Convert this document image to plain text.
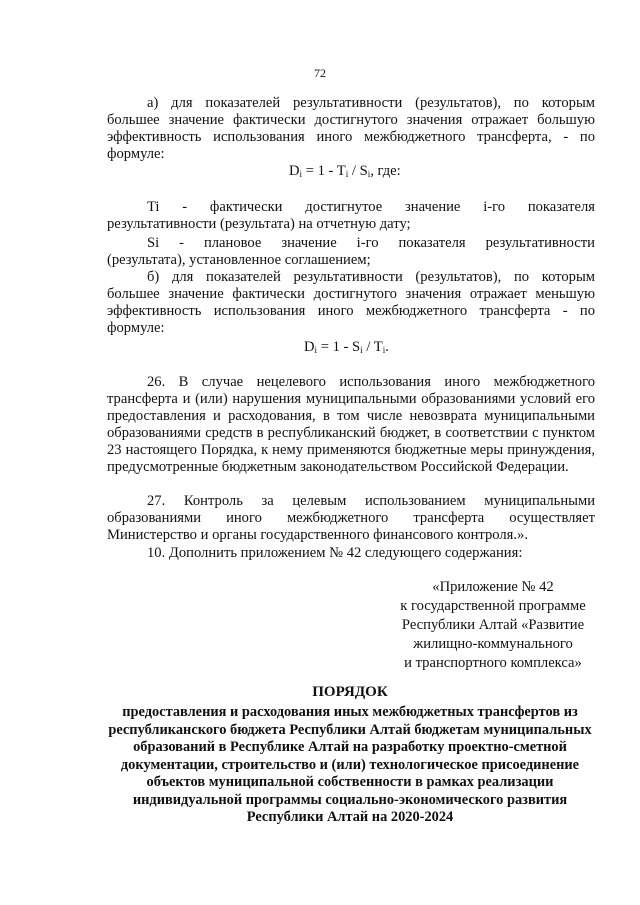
72

а) для показателей результативности (результатов), по которым большее значение фактически достигнутого значения отражает большую эффективность использования иного межбюджетного трансферта, - по формуле:

$D_i = 1 - T_i / S_i$, где:
Ti - фактически достигнутое значение i-го показателя
результативности (результата) на отчетную дату;
Si - плановое значение i-го показателя результативности
(результата), установленное соглашением;

б) для показателей результативности (результатов), по которым большее значение фактически достигнутого значения отражает меньшую эффективность использования иного межбюджетного трансферта - по формуле:

$D_i = 1 - S_i / T_i$.

26. В случае нецелевого использования иного межбюджетного трансферта и (или) нарушения муниципальными образованиями условий его предоставления и расходования, в том числе невозврата муниципальными образованиями средств в республиканский бюджет, в соответствии с пунктом 23 настоящего Порядка, к нему применяются бюджетные меры принуждения, предусмотренные бюджетным законодательством Российской Федерации.

27. Контроль за целевым использованием муниципальными образованиями иного межбюджетного трансферта осуществляет Министерство и органы государственного финансового контроля.».

10. Дополнить приложением № 42 следующего содержания:

«Приложение № 42
к государственной программе
Республики Алтай «Развитие
жилищно-коммунального
и транспортного комплекса»
ПОРЯДОК
предоставления и расходования иных межбюджетных трансфертов из республиканского бюджета Республики Алтай бюджетам муниципальных образований в Республике Алтай на разработку проектно-сметной документации, строительство и (или) технологическое присоединение объектов муниципальной собственности в рамках реализации индивидуальной программы социально-экономического развития Республики Алтай на 2020-2024
